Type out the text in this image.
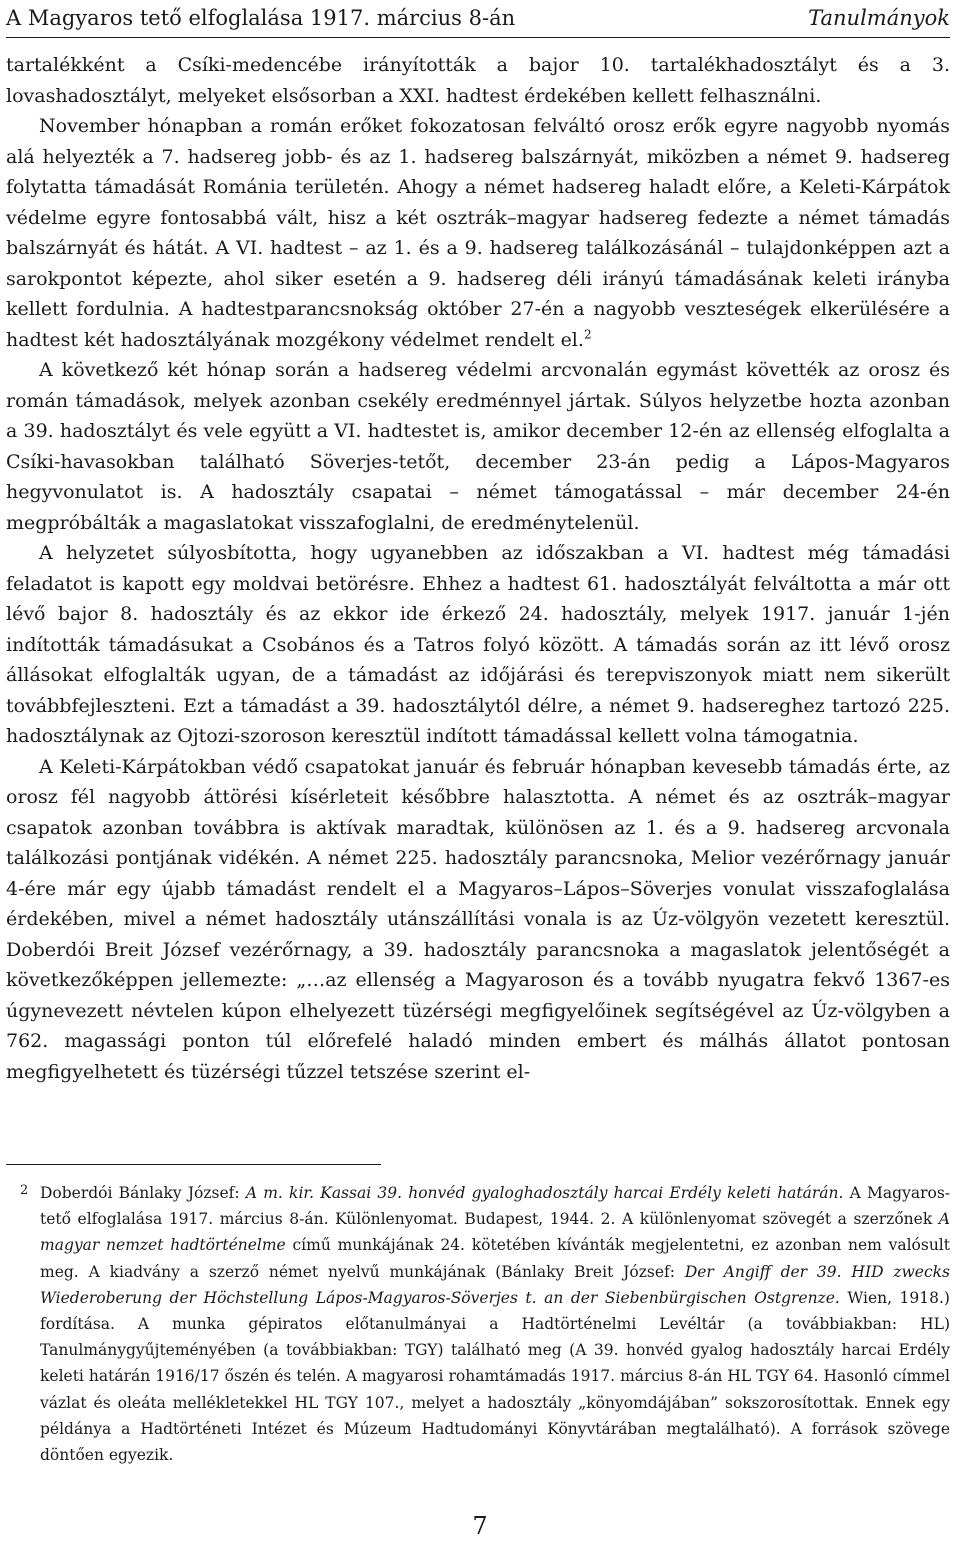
A Magyaros tető elfoglalása 1917. március 8-án	Tanulmányok

tartalékként a Csíki-medencébe irányították a bajor 10. tartalékhadosztályt és a 3. lovashadosztályt, melyeket elsősorban a XXI. hadtest érdekében kellett felhasználni.

November hónapban a román erőket fokozatosan felváltó orosz erők egyre nagyobb nyomás alá helyezték a 7. hadsereg jobb- és az 1. hadsereg balszárnyát, miközben a német 9. hadsereg folytatta támadását Románia területén. Ahogy a német hadsereg haladt előre, a Keleti-Kárpátok védelme egyre fontosabbá vált, hisz a két osztrák–magyar hadsereg fedezte a német támadás balszárnyát és hátát. A VI. hadtest – az 1. és a 9. hadsereg találkozásánál – tulajdonképpen azt a sarokpontot képezte, ahol siker esetén a 9. hadsereg déli irányú támadásának keleti irányba kellett fordulnia. A hadtestparancsnokság október 27-én a nagyobb veszteségek elkerülésére a hadtest két hadosztályának mozgékony védelmet rendelt el.$^2$

A következő két hónap során a hadsereg védelmi arcvonalán egymást követték az orosz és román támadások, melyek azonban csekély eredménnyel jártak. Súlyos helyzetbe hozta azonban a 39. hadosztályt és vele együtt a VI. hadtestet is, amikor december 12-én az ellenség elfoglalta a Csíki-havasokban található Söverjes-tetőt, december 23-án pedig a Lápos-Magyaros hegyvonulatot is. A hadosztály csapatai – német támogatással – már december 24-én megpróbálták a magaslatokat visszafoglalni, de eredménytelenül.

A helyzetet súlyosbította, hogy ugyanebben az időszakban a VI. hadtest még támadási feladatot is kapott egy moldvai betörésre. Ehhez a hadtest 61. hadosztályát felváltotta a már ott lévő bajor 8. hadosztály és az ekkor ide érkező 24. hadosztály, melyek 1917. január 1-jén indították támadásukat a Csobános és a Tatros folyó között. A támadás során az itt lévő orosz állásokat elfoglalták ugyan, de a támadást az időjárási és terepviszonyok miatt nem sikerült továbbfejleszteni. Ezt a támadást a 39. hadosztálytól délre, a német 9. hadsereghez tartozó 225. hadosztálynak az Ojtozi-szoroson keresztül indított támadással kellett volna támogatnia.

A Keleti-Kárpátokban védő csapatokat január és február hónapban kevesebb támadás érte, az orosz fél nagyobb áttörési kísérleteit későbbre halasztotta. A német és az osztrák–magyar csapatok azonban továbbra is aktívak maradtak, különösen az 1. és a 9. hadsereg arcvonala találkozási pontjának vidékén. A német 225. hadosztály parancsnoka, Melior vezérőrnagy január 4-ére már egy újabb támadást rendelt el a Magyaros–Lápos–Söverjes vonulat visszafoglalása érdekében, mivel a német hadosztály utánszállítási vonala is az Úz-völgyön vezetett keresztül. Doberdói Breit József vezérőrnagy, a 39. hadosztály parancsnoka a magaslatok jelentőségét a következőképpen jellemezte: „…az ellenség a Magyaroson és a tovább nyugatra fekvő 1367-es úgynevezett névtelen kúpon elhelyezett tüzérségi megfigyelőinek segítségével az Úz-völgyben a 762. magassági ponton túl előrefelé haladó minden embert és málhás állatot pontosan megfigyelhetett és tüzérségi tűzzel tetszése szerint el-

2 Doberdói Bánlaky József: A m. kir. Kassai 39. honvéd gyaloghadosztály harcai Erdély keleti határán. A Magyaros-tető elfoglalása 1917. március 8-án. Különlenyomat. Budapest, 1944. 2. A különlenyomat szövegét a szerzőnek A magyar nemzet hadtörténelme című munkájának 24. kötetében kívánták megjelentetni, ez azonban nem valósult meg. A kiadvány a szerző német nyelvű munkájának (Bánlaky Breit József: Der Angiff der 39. HID zwecks Wiederoberung der Höchstellung Lápos-Magyaros-Söverjes t. an der Siebenbürgischen Ostgrenze. Wien, 1918.) fordítása. A munka gépiratos előtanulmányai a Hadtörténelmi Levéltár (a továbbiakban: HL) Tanulmánygyűjteményében (a továbbiakban: TGY) található meg (A 39. honvéd gyalog hadosztály harcai Erdély keleti határán 1916/17 őszén és telén. A magyarosi rohamtámadás 1917. március 8-án HL TGY 64. Hasonló címmel vázlat és oleáta mellékletekkel HL TGY 107., melyet a hadosztály „könyomdájában” sokszorosítottak. Ennek egy példánya a Hadtörténeti Intézet és Múzeum Hadtudományi Könyvtárában megtalálható). A források szövege döntően egyezik.
7
